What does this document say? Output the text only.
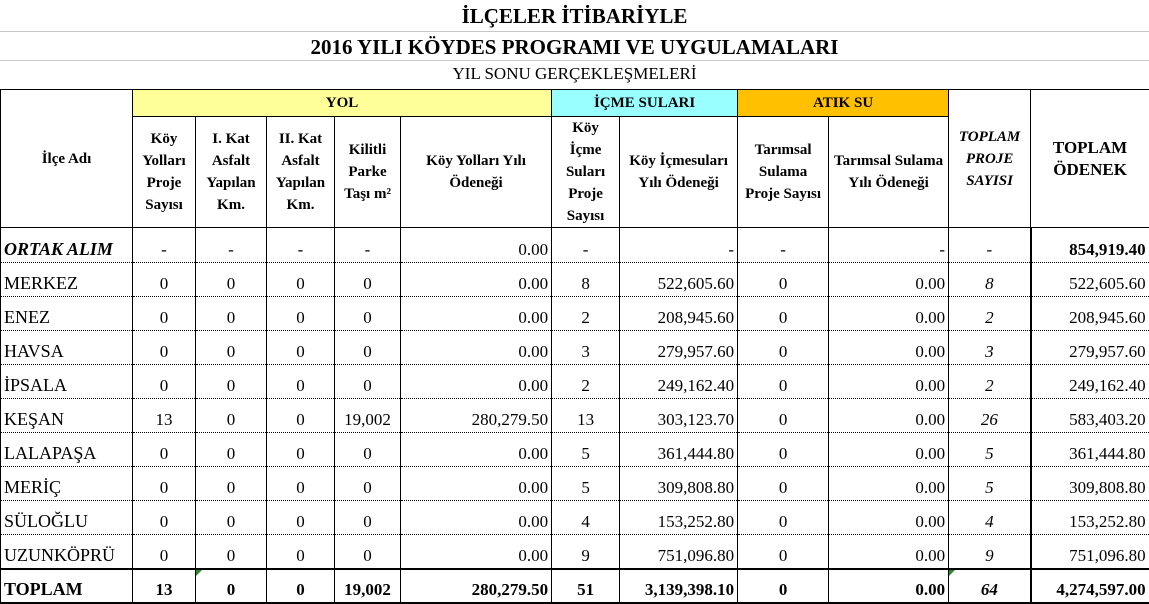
İLÇELER İTİBARİYLE
2016 YILI KÖYDES PROGRAMI VE UYGULAMALARI
YIL SONU GERÇEKLEŞMELERİ
İlçe Adı	YOL					İÇME SULARI		ATIK SU		TOPLAM PROJE SAYISI	TOPLAM ÖDENEK
	Köy Yolları Proje Sayısı	I. Kat Asfalt Yapılan Km.	II. Kat Asfalt Yapılan Km.	Kilitli Parke Taşı m²	Köy Yolları Yılı Ödeneği	Köy İçme Suları Proje Sayısı	Köy İçmesuları Yılı Ödeneği	Tarımsal Sulama Proje Sayısı	Tarımsal Sulama Yılı Ödeneği		
ORTAK ALIM	-	-	-	-	0.00	-	-	-	-	-	854,919.40
MERKEZ	0	0	0	0	0.00	8	522,605.60	0	0.00	8	522,605.60
ENEZ	0	0	0	0	0.00	2	208,945.60	0	0.00	2	208,945.60
HAVSA	0	0	0	0	0.00	3	279,957.60	0	0.00	3	279,957.60
İPSALA	0	0	0	0	0.00	2	249,162.40	0	0.00	2	249,162.40
KEŞAN	13	0	0	19,002	280,279.50	13	303,123.70	0	0.00	26	583,403.20
LALAPAŞA	0	0	0	0	0.00	5	361,444.80	0	0.00	5	361,444.80
MERİÇ	0	0	0	0	0.00	5	309,808.80	0	0.00	5	309,808.80
SÜLOĞLU	0	0	0	0	0.00	4	153,252.80	0	0.00	4	153,252.80
UZUNKÖPRÜ	0	0	0	0	0.00	9	751,096.80	0	0.00	9	751,096.80
TOPLAM	13	0	0	19,002	280,279.50	51	3,139,398.10	0	0.00	64	4,274,597.00
